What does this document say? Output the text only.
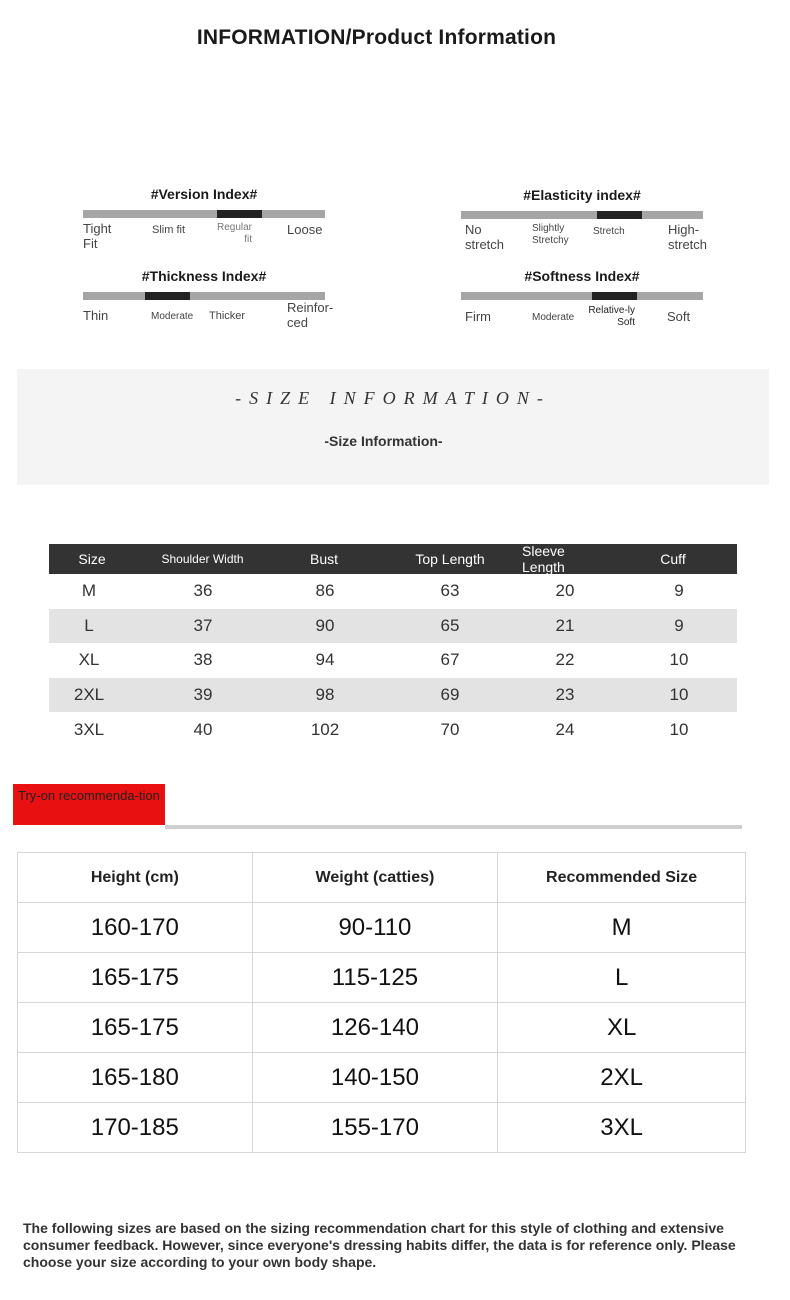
INFORMATION/Product Information
#Version Index#
Tight Fit
Slim fit	Regular fit
Loose
#Elasticity index#
No stretch
Slightly Stretchy
Stretch	High-stretch
#Thickness Index#
Thin	Moderate Thicker
Reinfor-ced
#Softness Index#
Firm	Moderate
Relative-ly Soft Soft
-SIZE INFORMATION-
-Size Information-
Size	Shoulder Width	Bust	Top Length	Sleeve Length	Cuff
M	36	86	63	20	9
L	37	90	65	21	9
XL	38	94	67	22	10
2XL	39	98	69	23	10
3XL	40	102	70	24	10
Try-on recommenda-tion
Height (cm)	Weight (catties)	Recommended Size
160-170	90-110	M
165-175	115-125	L
165-175	126-140	XL
165-180	140-150	2XL
170-185	155-170	3XL

The following sizes are based on the sizing recommendation chart for this style of clothing and extensive consumer feedback. However, since everyone's dressing habits differ, the data is for reference only. Please choose your size according to your own body shape.
